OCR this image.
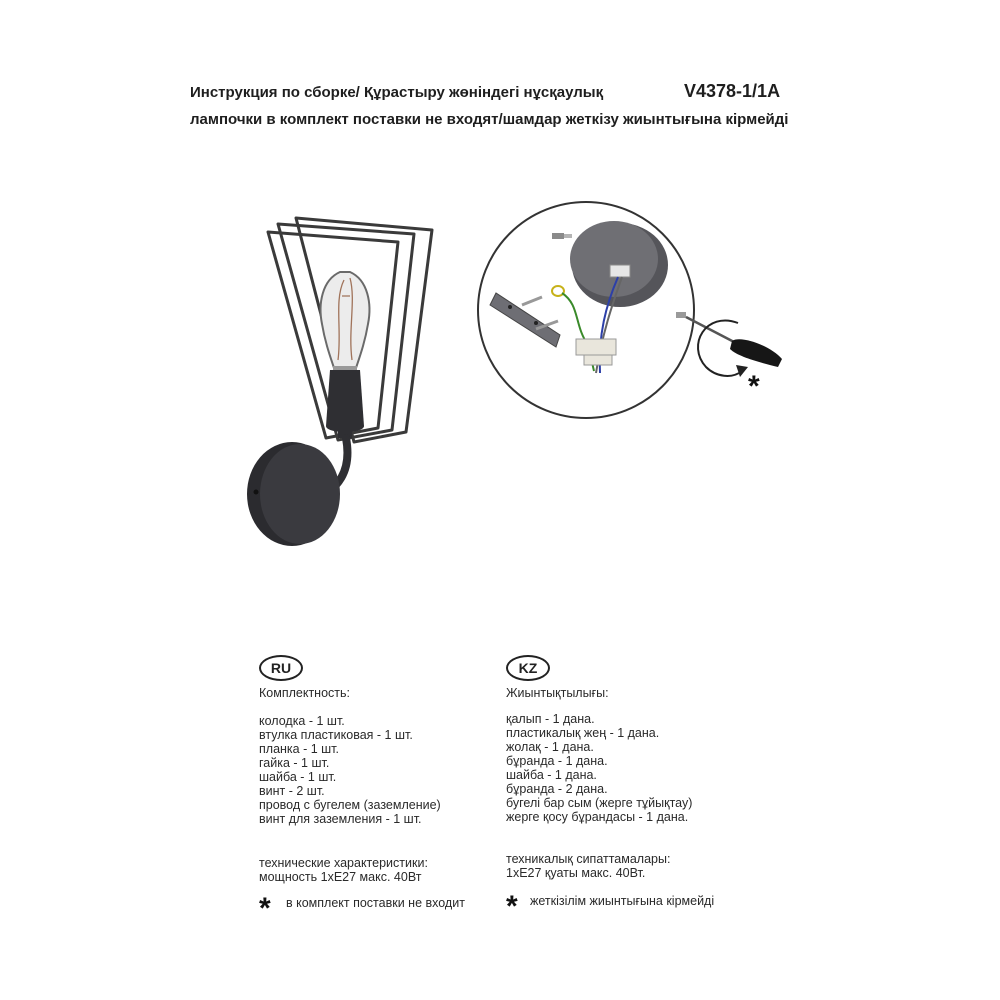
Инструкция по сборке/ Құрастыру жөніндегі нұсқаулық	V4378-1/1A
лампочки в комплект поставки не входят/шамдар жеткізу жиынтығына кірмейді
*
RU
Комплектность:
колодка - 1 шт.
втулка пластиковая - 1 шт.
планка - 1 шт.
гайка - 1 шт.
шайба - 1 шт.
винт - 2 шт.
провод с бугелем (заземление)
винт для заземления - 1 шт.
технические характеристики:
мощность 1хЕ27 макс. 40Вт
* в комплект поставки не входит
KZ
Жиынтықтылығы:
қалып - 1 дана.
пластикалық жең - 1 дана.
жолақ - 1 дана.
бұранда - 1 дана.
шайба - 1 дана.
бұранда - 2 дана.
бугелі бар сым (жерге тұйықтау)
жерге қосу бұрандасы - 1 дана.
техникалық сипаттамалары:
1хЕ27 қуаты макс. 40Вт.
* жеткізілім жиынтығына кірмейді
